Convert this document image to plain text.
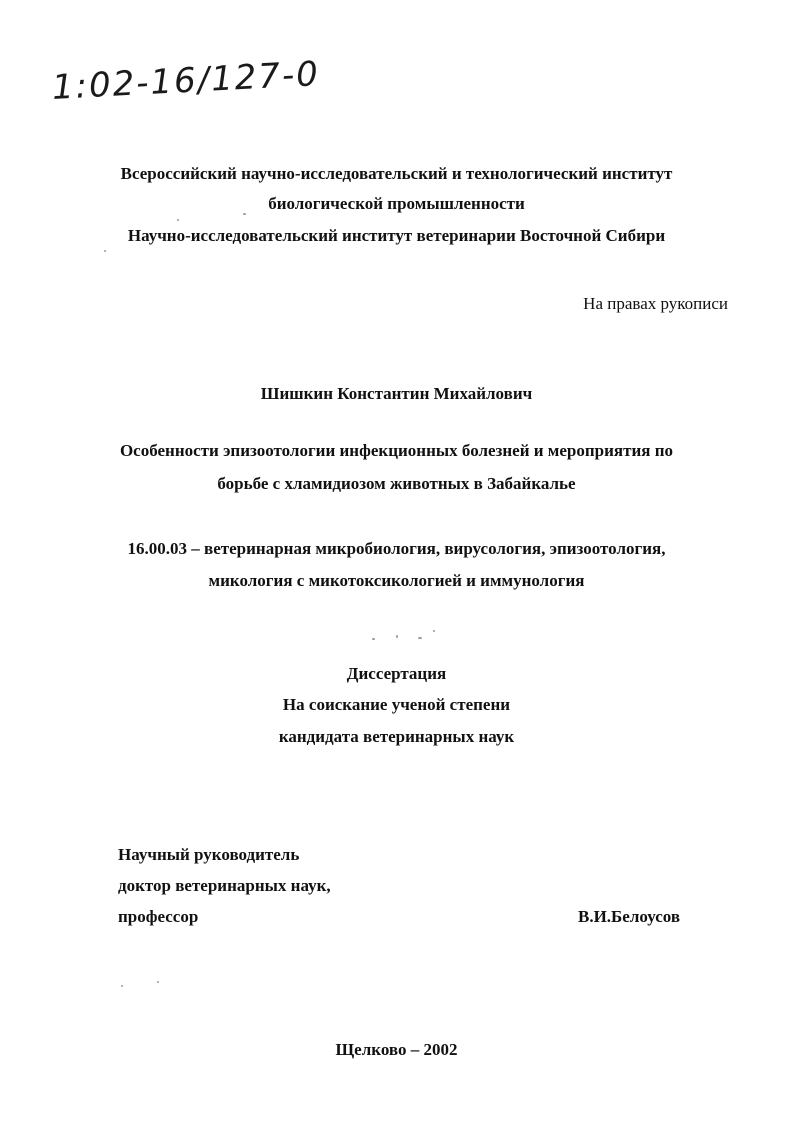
1:02-16/127-0
Всероссийский научно-исследовательский и технологический институт
биологической промышленности
Научно-исследовательский институт ветеринарии Восточной Сибири
На правах рукописи
Шишкин Константин Михайлович
Особенности эпизоотологии инфекционных болезней и мероприятия по
борьбе с хламидиозом животных в Забайкалье
16.00.03 – ветеринарная микробиология, вирусология, эпизоотология,
микология с микотоксикологией и иммунология
Диссертация
На соискание ученой степени
кандидата ветеринарных наук
Научный руководитель
доктор ветеринарных наук,
профессор	В.И.Белоусов
Щелково – 2002
